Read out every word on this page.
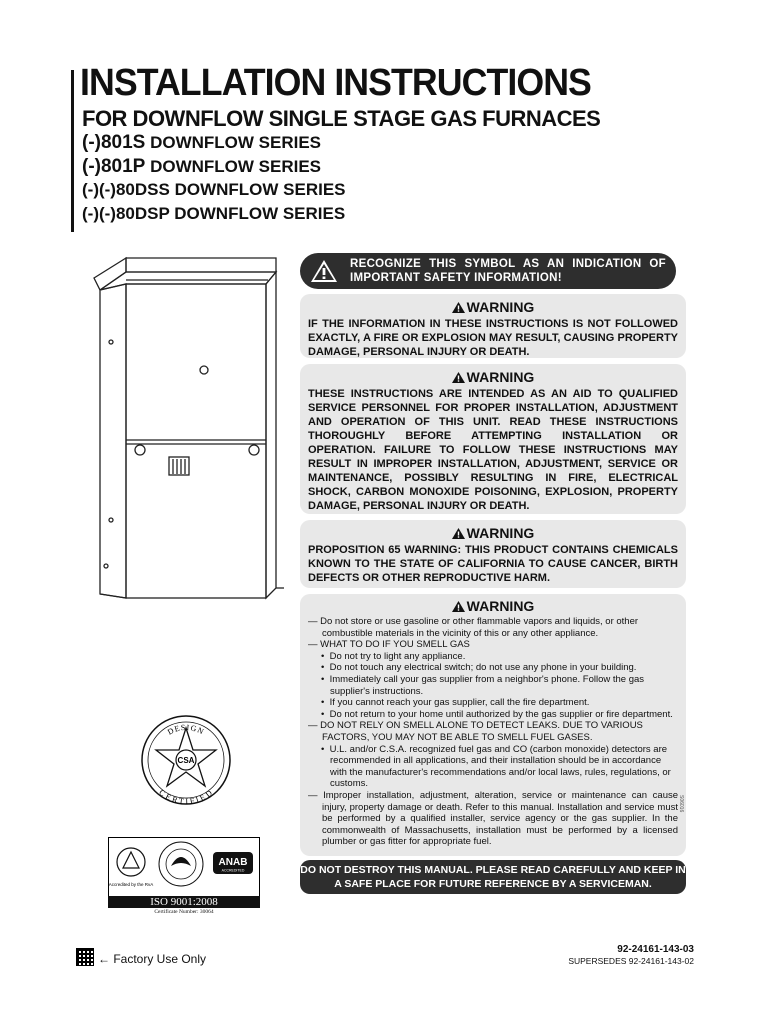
INSTALLATION INSTRUCTIONS
FOR DOWNFLOW SINGLE STAGE GAS FURNACES
(-)801S DOWNFLOW SERIES
(-)801P DOWNFLOW SERIES
(-)(-)80DSS DOWNFLOW SERIES
(-)(-)80DSP DOWNFLOW SERIES
RECOGNIZE THIS SYMBOL AS AN INDICATION OF IMPORTANT SAFETY INFORMATION!
WARNING
IF THE INFORMATION IN THESE INSTRUCTIONS IS NOT FOLLOWED EXACTLY, A FIRE OR EXPLOSION MAY RESULT, CAUSING PROPERTY DAMAGE, PERSONAL INJURY OR DEATH.
WARNING
THESE INSTRUCTIONS ARE INTENDED AS AN AID TO QUALIFIED SERVICE PERSONNEL FOR PROPER INSTALLATION, ADJUSTMENT AND OPERATION OF THIS UNIT. READ THESE INSTRUCTIONS THOROUGHLY BEFORE ATTEMPTING INSTALLATION OR OPERATION. FAILURE TO FOLLOW THESE INSTRUCTIONS MAY RESULT IN IMPROPER INSTALLATION, ADJUSTMENT, SERVICE OR MAINTENANCE, POSSIBLY RESULTING IN FIRE, ELECTRICAL SHOCK, CARBON MONOXIDE POISONING, EXPLOSION, PROPERTY DAMAGE, PERSONAL INJURY OR DEATH.
WARNING
PROPOSITION 65 WARNING: THIS PRODUCT CONTAINS CHEMICALS KNOWN TO THE STATE OF CALIFORNIA TO CAUSE CANCER, BIRTH DEFECTS OR OTHER REPRODUCTIVE HARM.
WARNING
— Do not store or use gasoline or other flammable vapors and liquids, or other combustible materials in the vicinity of this or any other appliance.
— WHAT TO DO IF YOU SMELL GAS
•  Do not try to light any appliance.
•  Do not touch any electrical switch; do not use any phone in your building.
•  Immediately call your gas supplier from a neighbor's phone. Follow the gas supplier's instructions.
•  If you cannot reach your gas supplier, call the fire department.
•  Do not return to your home until authorized by the gas supplier or fire department.
— DO NOT RELY ON SMELL ALONE TO DETECT LEAKS. DUE TO VARIOUS FACTORS, YOU MAY NOT BE ABLE TO SMELL FUEL GASES.
•  U.L. and/or C.S.A. recognized fuel gas and CO (carbon monoxide) detectors are recommended in all applications, and their installation should be in accordance with the manufacturer's recommendations and/or local laws, rules, regulations, or customs.
— Improper installation, adjustment, alteration, service or maintenance can cause injury, property damage or death. Refer to this manual. Installation and service must be performed by a qualified installer, service agency or the gas supplier. In the commonwealth of Massachusetts, installation must be performed by a licensed plumber or gas fitter for appropriate fuel.
S06016
DO NOT DESTROY THIS MANUAL. PLEASE READ CAREFULLY AND KEEP IN A SAFE PLACE FOR FUTURE REFERENCE BY A SERVICEMAN.
CSA
DESIGN
CERTIFIED
Accredited by the RvA
ANAB
ACCREDITED
ISO 9001:2008
Certificate Number: 30064
← Factory Use Only
92-24161-143-03
SUPERSEDES 92-24161-143-02
